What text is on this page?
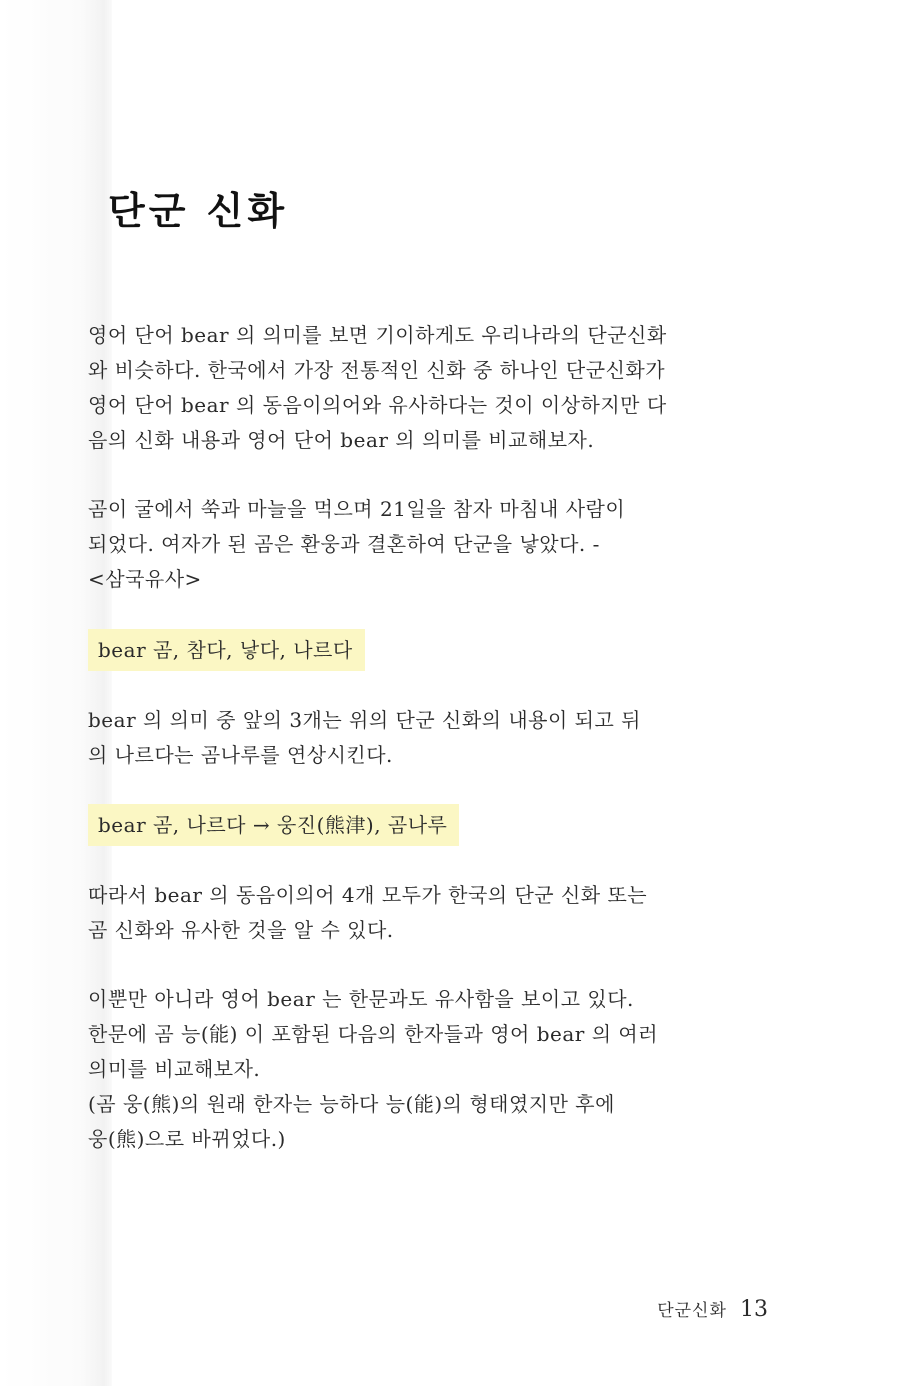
단군 신화
영어 단어 bear 의 의미를 보면 기이하게도 우리나라의 단군신화
와 비슷하다. 한국에서 가장 전통적인 신화 중 하나인 단군신화가
영어 단어 bear 의 동음이의어와 유사하다는 것이 이상하지만 다
음의 신화 내용과 영어 단어 bear 의 의미를 비교해보자.
곰이 굴에서 쑥과 마늘을 먹으며 21일을 참자 마침내 사람이
되었다. 여자가 된 곰은 환웅과 결혼하여 단군을 낳았다. -
<삼국유사>
bear 곰, 참다, 낳다, 나르다
bear 의 의미 중 앞의 3개는 위의 단군 신화의 내용이 되고 뒤
의 나르다는 곰나루를 연상시킨다.
bear 곰, 나르다 → 웅진(熊津), 곰나루
따라서 bear 의 동음이의어 4개 모두가 한국의 단군 신화 또는
곰 신화와 유사한 것을 알 수 있다.
이뿐만 아니라 영어 bear 는 한문과도 유사함을 보이고 있다.
한문에 곰 능(能) 이 포함된 다음의 한자들과 영어 bear 의 여러
의미를 비교해보자.
(곰 웅(熊)의 원래 한자는 능하다 능(能)의 형태였지만 후에
웅(熊)으로 바뀌었다.)
단군신화 13
